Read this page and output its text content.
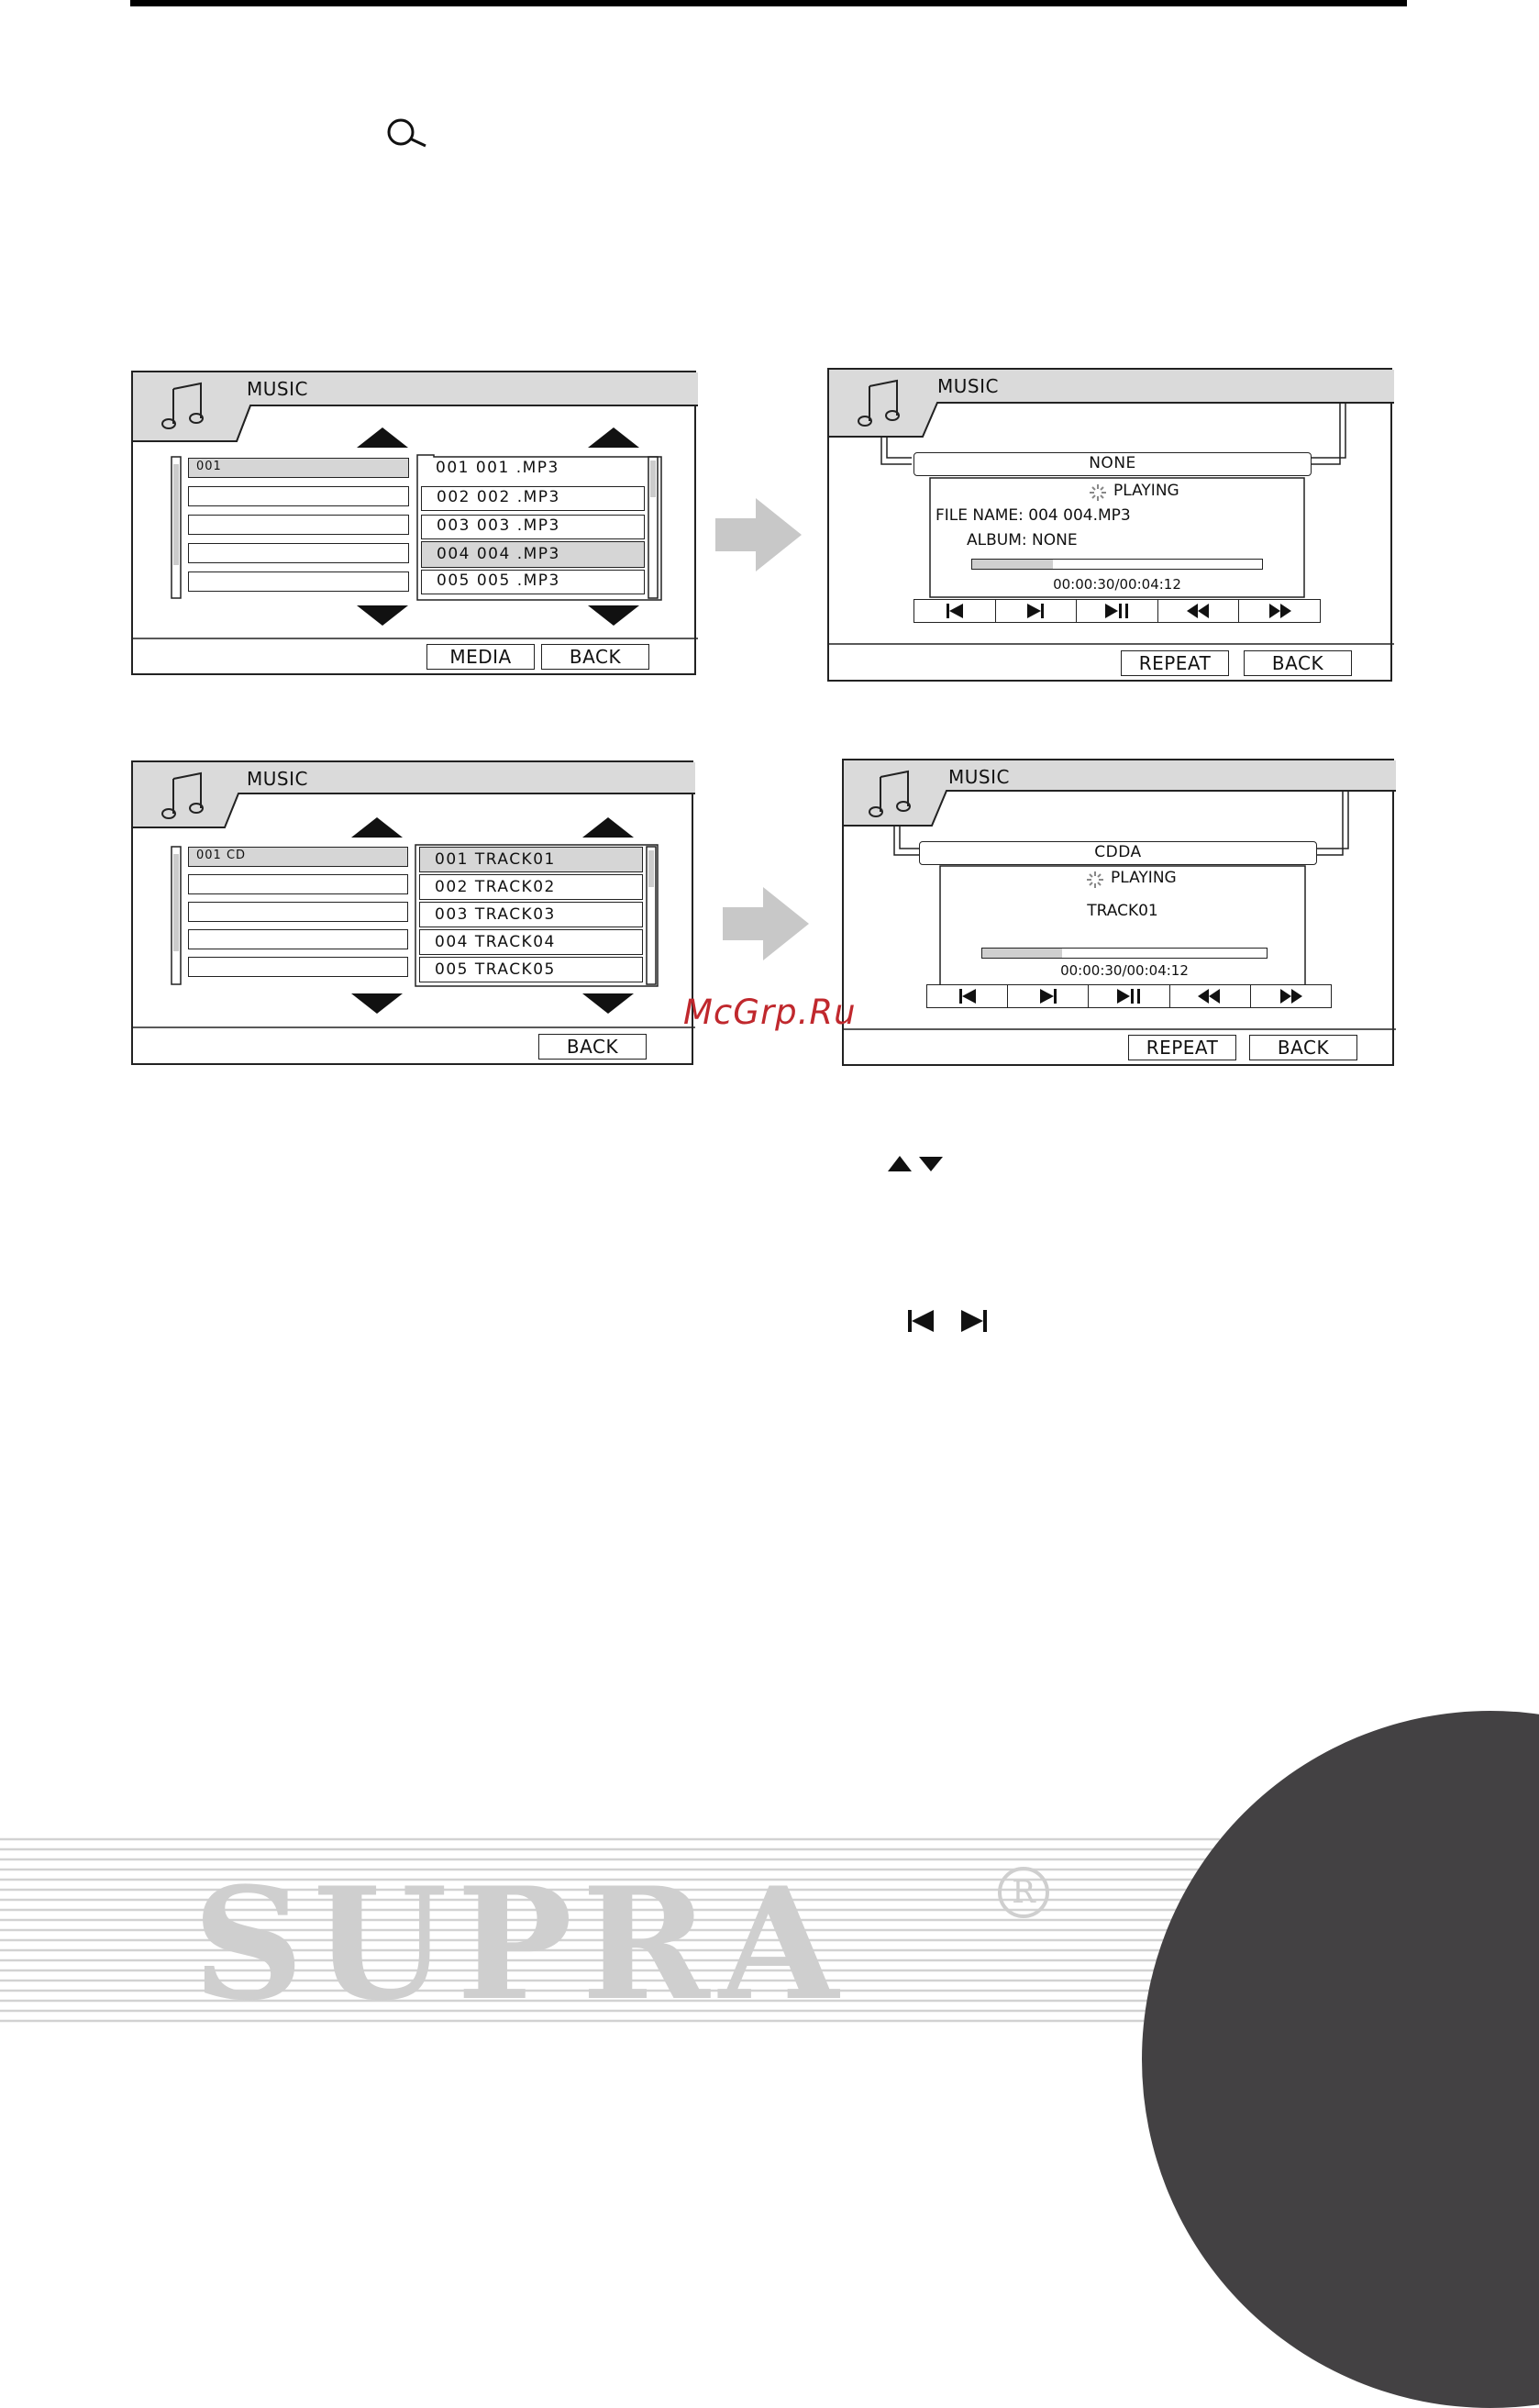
MUSIC
001	001 001 .MP3
002 002 .MP3
003 003 .MP3
004 004 .MP3
005 005 .MP3
MEDIA	BACK
NONE
MUSIC
PLAYING
FILE NAME: 004 004.MP3
ALBUM: NONE
00:00:30/00:04:12
REPEAT	BACK
MUSIC
001 CD	001 TRACK01
002 TRACK02
003 TRACK03
004 TRACK04
005 TRACK05
BACK
CDDA
MUSIC
PLAYING
TRACK01
00:00:30/00:04:12
REPEAT	BACK
McGrp.Ru
SUPRA	R
